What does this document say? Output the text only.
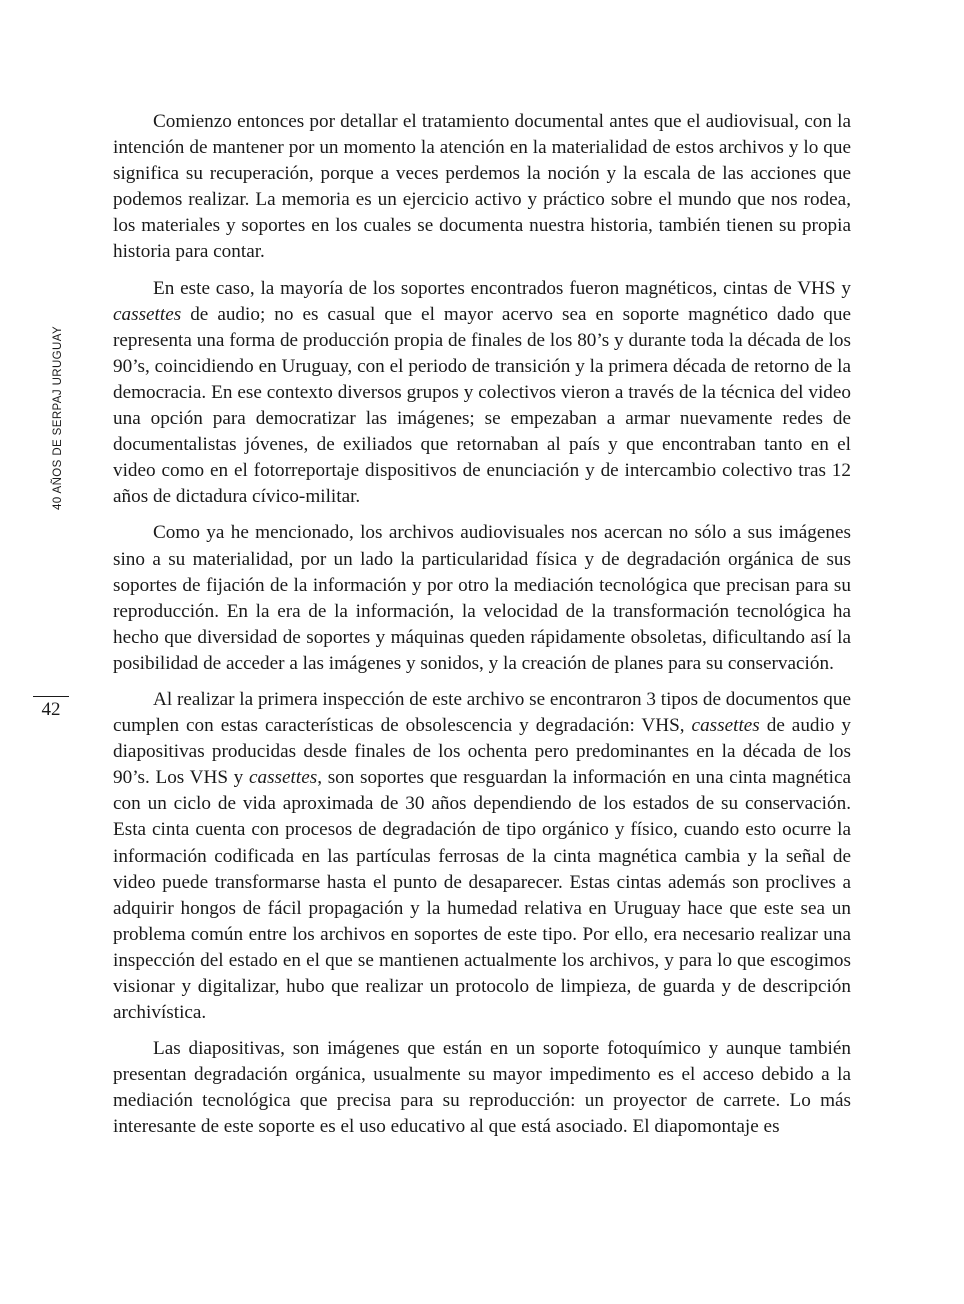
40 AÑOS DE SERPAJ URUGUAY
42

Comienzo entonces por detallar el tratamiento documental antes que el audiovisual, con la intención de mantener por un momento la atención en la materialidad de estos archivos y lo que significa su recuperación, porque a veces perdemos la noción y la escala de las acciones que podemos realizar. La memoria es un ejercicio activo y práctico sobre el mundo que nos rodea, los materiales y soportes en los cuales se documenta nuestra historia, también tienen su propia historia para contar.

En este caso, la mayoría de los soportes encontrados fueron magnéticos, cintas de VHS y cassettes de audio; no es casual que el mayor acervo sea en soporte magnético dado que representa una forma de producción propia de finales de los 80’s y durante toda la década de los 90’s, coincidiendo en Uruguay, con el periodo de transición y la primera década de retorno de la democracia. En ese contexto diversos grupos y colectivos vieron a través de la técnica del video una opción para democratizar las imágenes; se empezaban a armar nuevamente redes de documentalistas jóvenes, de exiliados que retornaban al país y que encontraban tanto en el video como en el fotorreportaje dispositivos de enunciación y de intercambio colectivo tras 12 años de dictadura cívico-militar.

Como ya he mencionado, los archivos audiovisuales nos acercan no sólo a sus imágenes sino a su materialidad, por un lado la particularidad física y de degradación orgánica de sus soportes de fijación de la información y por otro la mediación tecnológica que precisan para su reproducción. En la era de la información, la velocidad de la transformación tecnológica ha hecho que diversidad de soportes y máquinas queden rápidamente obsoletas, dificultando así la posibilidad de acceder a las imágenes y sonidos, y la creación de planes para su conservación.

Al realizar la primera inspección de este archivo se encontraron 3 tipos de documentos que cumplen con estas características de obsolescencia y degradación: VHS, cassettes de audio y diapositivas producidas desde finales de los ochenta pero predominantes en la década de los 90’s. Los VHS y cassettes, son soportes que resguardan la información en una cinta magnética con un ciclo de vida aproximada de 30 años dependiendo de los estados de su conservación. Esta cinta cuenta con procesos de degradación de tipo orgánico y físico, cuando esto ocurre la información codificada en las partículas ferrosas de la cinta magnética cambia y la señal de video puede transformarse hasta el punto de desaparecer. Estas cintas además son proclives a adquirir hongos de fácil propagación y la humedad relativa en Uruguay hace que este sea un problema común entre los archivos en soportes de este tipo. Por ello, era necesario realizar una inspección del estado en el que se mantienen actualmente los archivos, y para lo que escogimos visionar y digitalizar, hubo que realizar un protocolo de limpieza, de guarda y de descripción archivística.

Las diapositivas, son imágenes que están en un soporte fotoquímico y aunque también presentan degradación orgánica, usualmente su mayor impedimento es el acceso debido a la mediación tecnológica que precisa para su reproducción: un proyector de carrete. Lo más interesante de este soporte es el uso educativo al que está asociado. El diapomontaje es
